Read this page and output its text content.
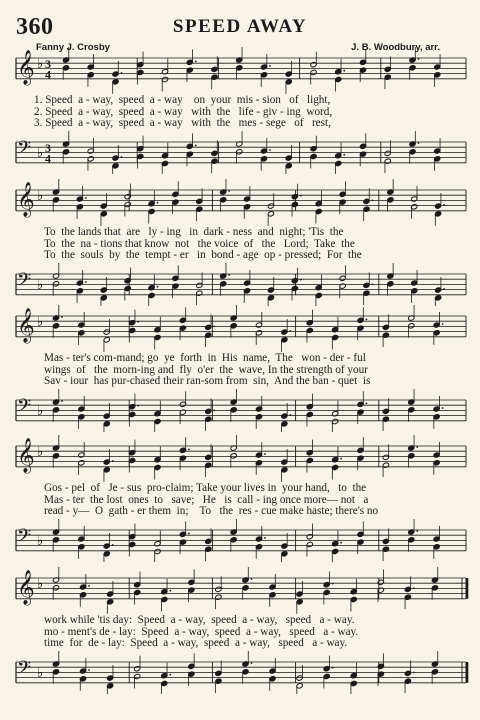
360	SPEED AWAY
Fanny J. Crosby	J. B. Woodbury, arr.
𝄞 ♭ 3
4
𝄢 ♭ 3
4
𝄞 ♭
𝄢 ♭
𝄞 ♭
𝄢 ♭
𝄞 ♭
𝄢 ♭
𝄞 ♭
𝄢 ♭
1. Speed  a - way,  speed  a - way    on  your  mis - sion   of   light,
2. Speed  a - way,  speed  a - way   with  the   life - giv - ing  word,
3. Speed  a - way,  speed  a - way   with  the   mes - sege   of   rest,
To  the lands that  are   ly - ing   in  dark - ness  and  night; 'Tis  the
To  the  na - tions that know  not   the voice  of   the   Lord;  Take  the
To  the  souls  by  the  tempt - er   in  bond - age  op - pressed;  For  the
Mas - ter's com-mand; go  ye  forth  in  His  name,  The   won - der - ful
wings  of   the  morn-ing and  fly  o'er  the  wave, In the strength of your
Sav - iour  has pur-chased their ran-som from  sin,  And the ban - quet  is
Gos - pel  of   Je - sus  pro-claim; Take your lives in  your hand,   to  the
Mas - ter  the lost  ones  to   save;   He   is  call - ing once more— not   a
read - y—  O  gath - er them  in;    To   the  res - cue make haste; there's no
work while 'tis day:  Speed  a - way,  speed  a - way,   speed   a - way.
mo - ment's de - lay:  Speed  a - way,  speed  a - way,   speed   a - way.
time  for  de - lay:  Speed  a - way,  speed  a - way,   speed   a - way.
